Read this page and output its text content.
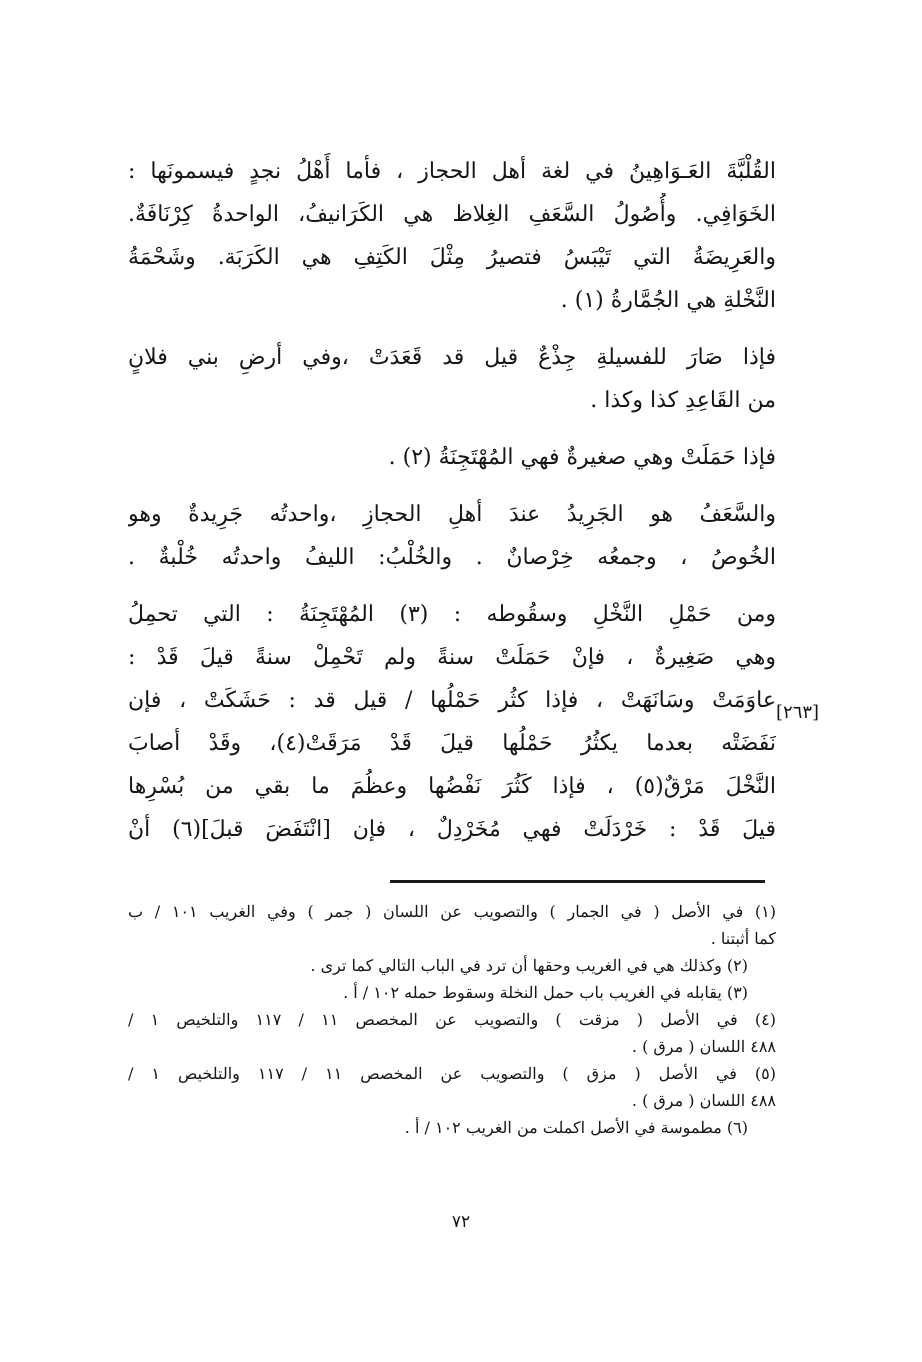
القُلْبَّةَ العَـوَاهِينُ في لغة أهل الحجاز ، فأما أَهْلُ نجدٍ فيسمونَها :
الخَوَافِي. وأُصُولُ السَّعَفِ الغِلاظ هي الكَرَانيفُ، الواحدةُ كِرْنَافَةٌ.
والعَرِيضَةُ التي تَيْبَسُ فتصيرُ مِثْلَ الكَتِفِ هي الكَرَبَة. وشَحْمَةُ
النَّخْلةِ هي الجُمَّارةُ (١) .
فإذا صَارَ للفسيلةِ جِذْعٌ قيل قد قَعَدَتْ ،وفي أرضِ بني فلانٍ
من القَاعِدِ كذا وكذا .
فإذا حَمَلَتْ وهي صغيرةٌ فهي المُهْتَجِنَةُ (٢) .
والسَّعَفُ هو الجَرِيدُ عندَ أهلِ الحجازِ ،واحدتُه جَرِيدةٌ وهو
الخُوصُ ، وجمعُه خِرْصانٌ . والخُلْبُ: الليفُ واحدتُه خُلْبةٌ .
ومن حَمْلِ النَّخْلِ وسقُوطه : (٣) المُهْتَجِنَةُ : التي تحمِلُ
وهي صَغِيرةٌ ، فإنْ حَمَلَتْ سنةً ولم تَحْمِلْ سنةً قيلَ قَدْ :
عاوَمَتْ وسَانَهَتْ ، فإذا كثُر حَمْلُها / قيل قد : حَشَكَتْ ، فإن
نَفَضَتْه بعدما يكثُرُ حَمْلُها قيلَ قَدْ مَرَقَتْ(٤)، وقَدْ أصابَ
النَّخْلَ مَرْقٌ(٥) ، فإذا كَثُرَ نَفْضُها وعظُمَ ما بقي من بُسْرِها
قيلَ قَدْ : خَرْدَلَتْ فهي مُخَرْدِلٌ ، فإن [انْتَفَضَ قبلَ](٦) أنْ
[٢٦٣]
(١) في الأصل ( في الجمار ) والتصويب عن اللسان ( جمر ) وفي الغريب ١٠١ / ب
كما أثبتنا .
(٢) وكذلك هي في الغريب وحقها أن ترد في الباب التالي كما ترى .
(٣) يقابله في الغريب باب حمل النخلة وسقوط حمله ١٠٢ / أ .
(٤) في الأصل ( مزقت ) والتصويب عن المخصص ١١ / ١١٧ والتلخيص ١ /
٤٨٨ اللسان ( مرق ) .
(٥) في الأصل ( مزق ) والتصويب عن المخصص ١١ / ١١٧ والتلخيص ١ /
٤٨٨ اللسان ( مرق ) .
(٦) مطموسة في الأصل اكملت من الغريب ١٠٢ / أ .
٧٢
